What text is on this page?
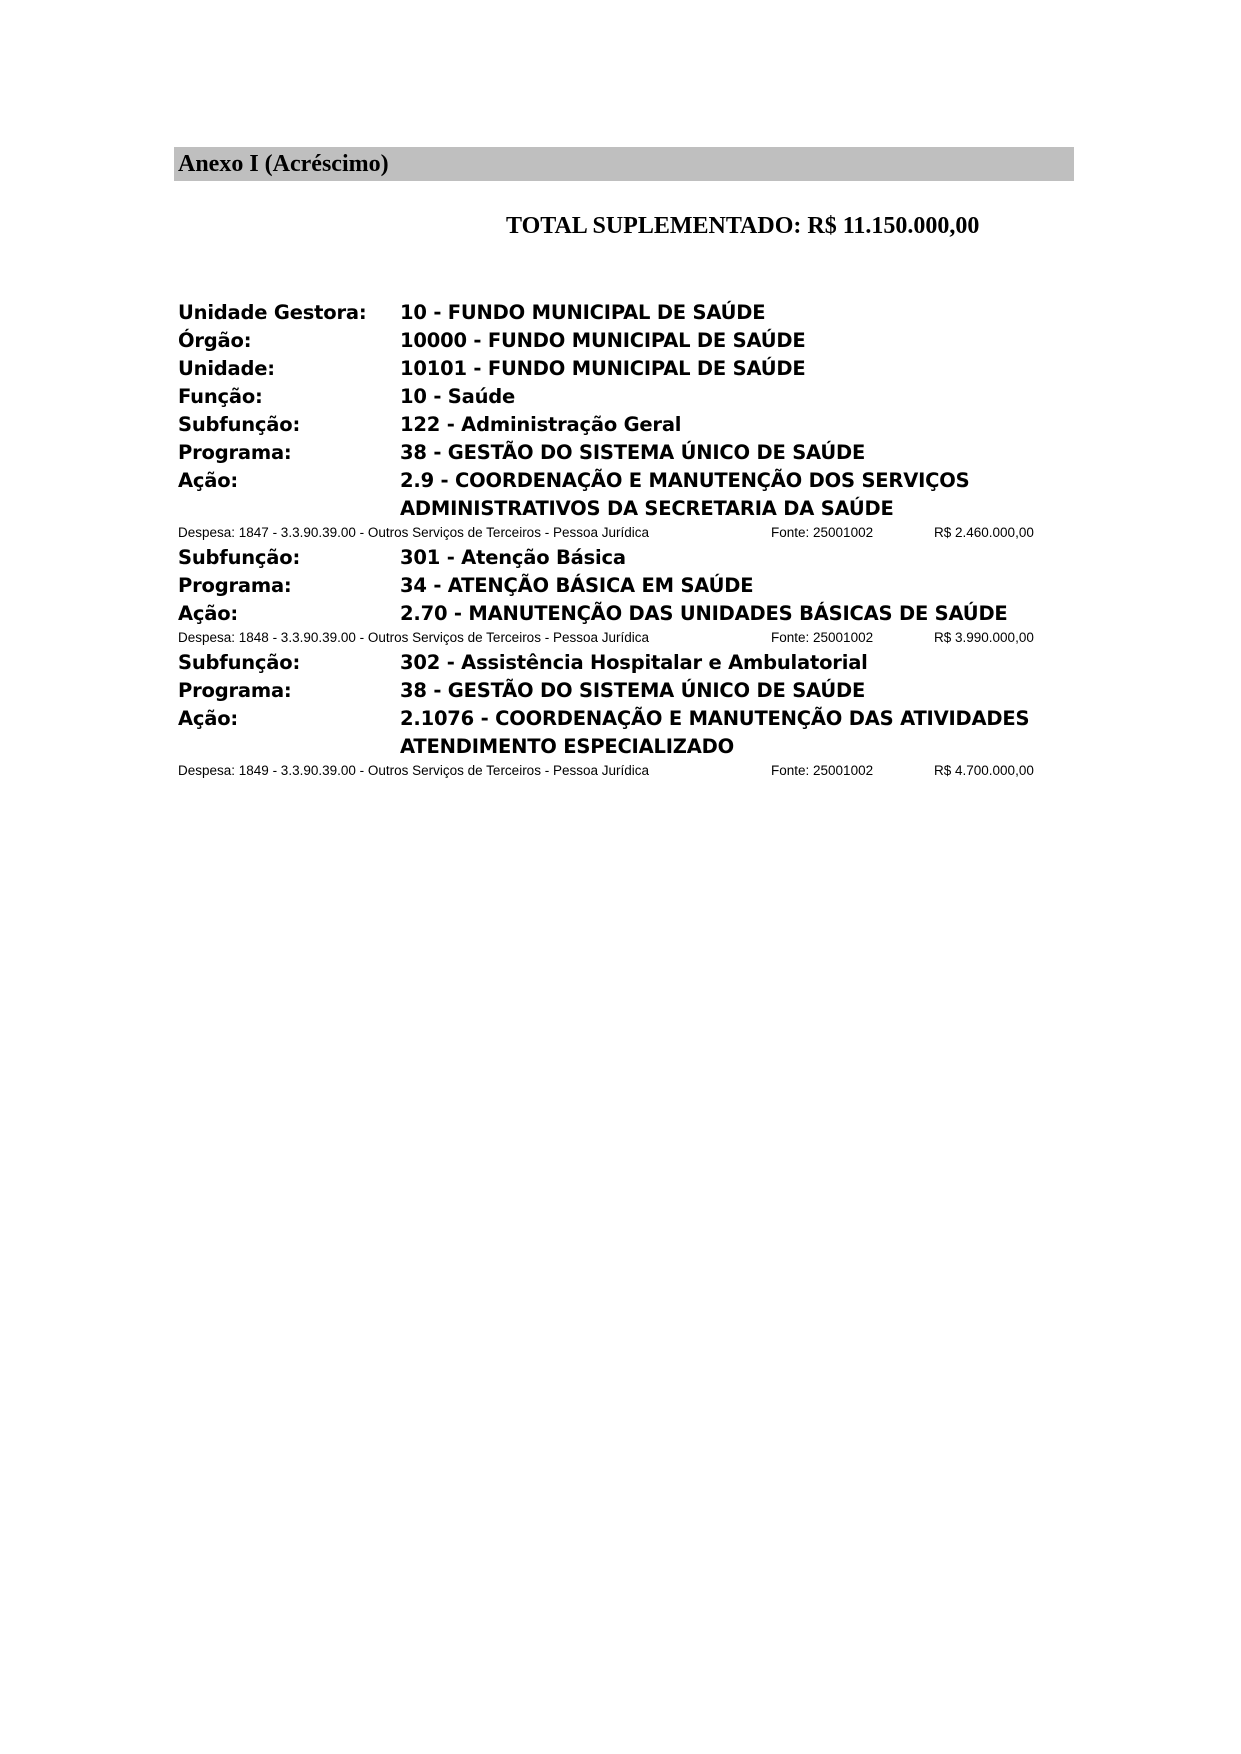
Anexo I (Acréscimo)
TOTAL SUPLEMENTADO: R$ 11.150.000,00
Unidade Gestora: 10 - FUNDO MUNICIPAL DE SAÚDE
Órgão:	10000 - FUNDO MUNICIPAL DE SAÚDE
Unidade:	10101 - FUNDO MUNICIPAL DE SAÚDE
Função:	10 - Saúde
Subfunção:	122 - Administração Geral
Programa:	38 - GESTÃO DO SISTEMA ÚNICO DE SAÚDE
Ação:	2.9 - COORDENAÇÃO E MANUTENÇÃO DOS SERVIÇOS
ADMINISTRATIVOS DA SECRETARIA DA SAÚDE
Despesa: 1847 - 3.3.90.39.00 - Outros Serviços de Terceiros - Pessoa Jurídica	Fonte: 25001002	R$ 2.460.000,00
Subfunção:	301 - Atenção Básica
Programa:	34 - ATENÇÃO BÁSICA EM SAÚDE
Ação:	2.70 - MANUTENÇÃO DAS UNIDADES BÁSICAS DE SAÚDE
Despesa: 1848 - 3.3.90.39.00 - Outros Serviços de Terceiros - Pessoa Jurídica	Fonte: 25001002	R$ 3.990.000,00
Subfunção:	302 - Assistência Hospitalar e Ambulatorial
Programa:	38 - GESTÃO DO SISTEMA ÚNICO DE SAÚDE
Ação:	2.1076 - COORDENAÇÃO E MANUTENÇÃO DAS ATIVIDADES
ATENDIMENTO ESPECIALIZADO
Despesa: 1849 - 3.3.90.39.00 - Outros Serviços de Terceiros - Pessoa Jurídica	Fonte: 25001002	R$ 4.700.000,00
